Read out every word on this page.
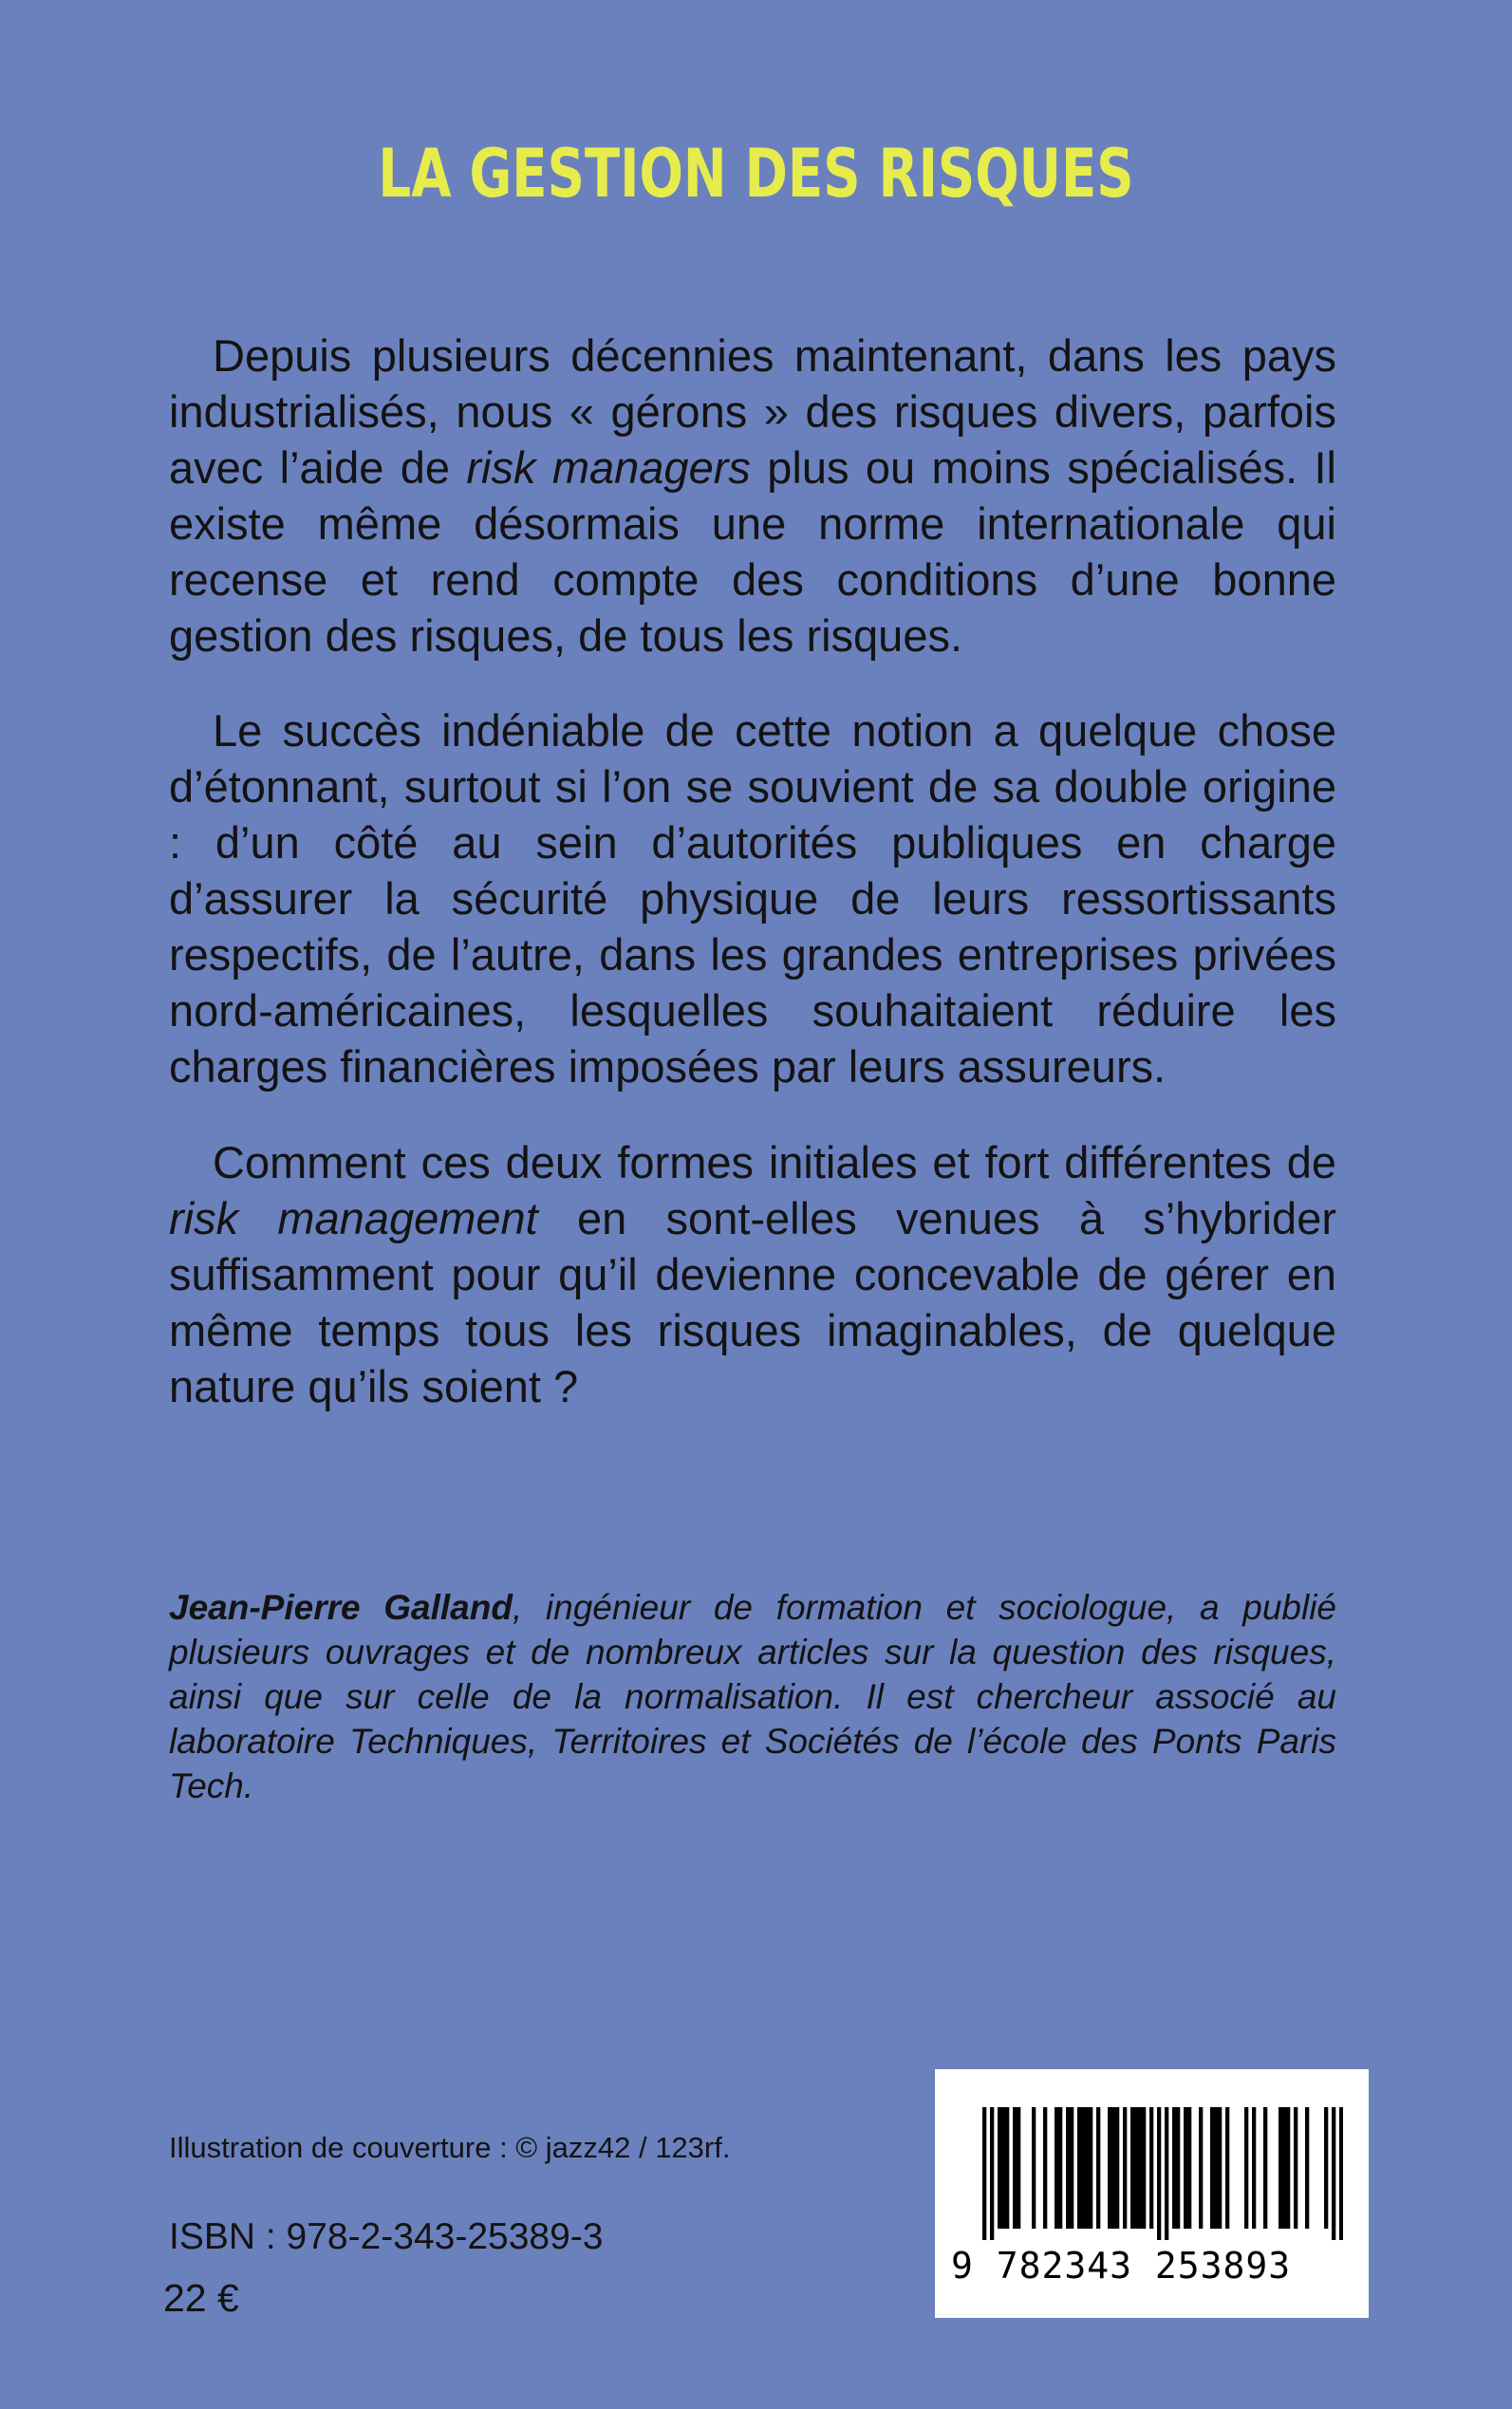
LA GESTION DES RISQUES

Depuis plusieurs décennies maintenant, dans les pays industrialisés, nous « gérons » des risques divers, parfois avec l’aide de risk managers plus ou moins spécialisés. Il existe même désormais une norme internationale qui recense et rend compte des conditions d’une bonne gestion des risques, de tous les risques.

Le succès indéniable de cette notion a quelque chose d’étonnant, surtout si l’on se souvient de sa double origine : d’un côté au sein d’autorités publiques en charge d’assurer la sécurité physique de leurs ressortissants respectifs, de l’autre, dans les grandes entreprises privées nord-américaines, lesquelles souhaitaient réduire les charges financières imposées par leurs assureurs.

Comment ces deux formes initiales et fort différentes de risk management en sont-elles venues à s’hybrider suffisamment pour qu’il devienne concevable de gérer en même temps tous les risques imaginables, de quelque nature qu’ils soient ?

Jean-Pierre Galland, ingénieur de formation et sociologue, a publié plusieurs ouvrages et de nombreux articles sur la question des risques, ainsi que sur celle de la normalisation. Il est chercheur associé au laboratoire Techniques, Territoires et Sociétés de l’école des Ponts Paris Tech.

Illustration de couverture : © jazz42 / 123rf.
ISBN : 978-2-343-25389-3
22 €
9 782343 253893
